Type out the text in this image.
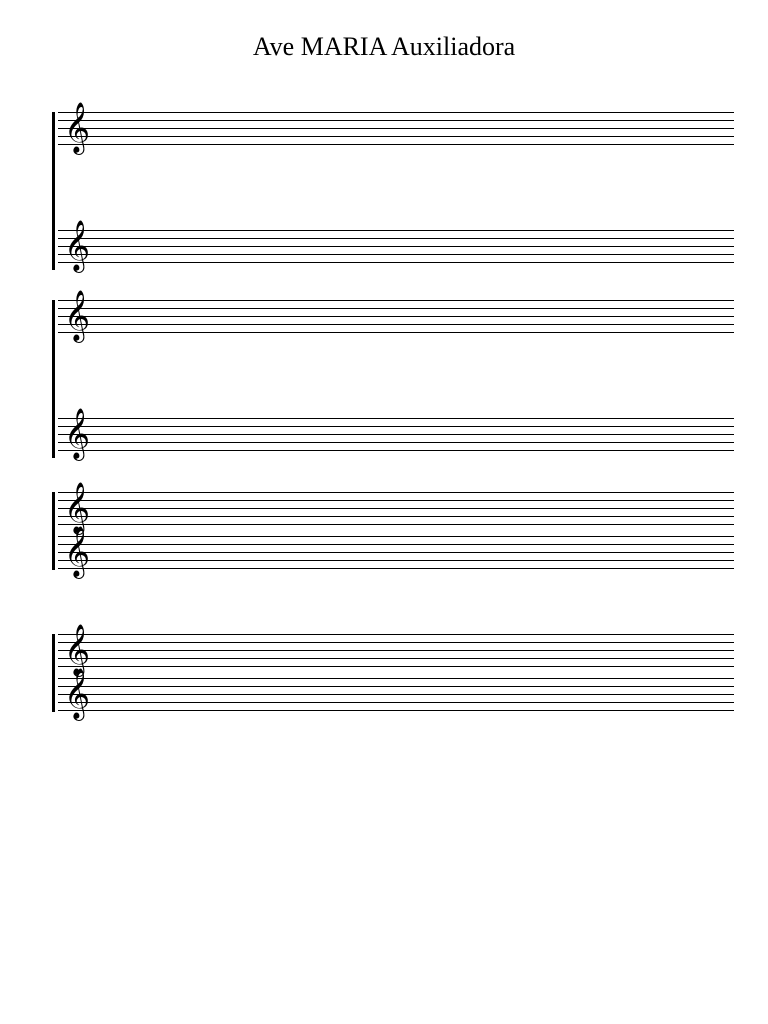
Ave MARIA Auxiliadora
𝄞
𝄞
𝄞
𝄞
𝄞
𝄞
𝄞
𝄞
